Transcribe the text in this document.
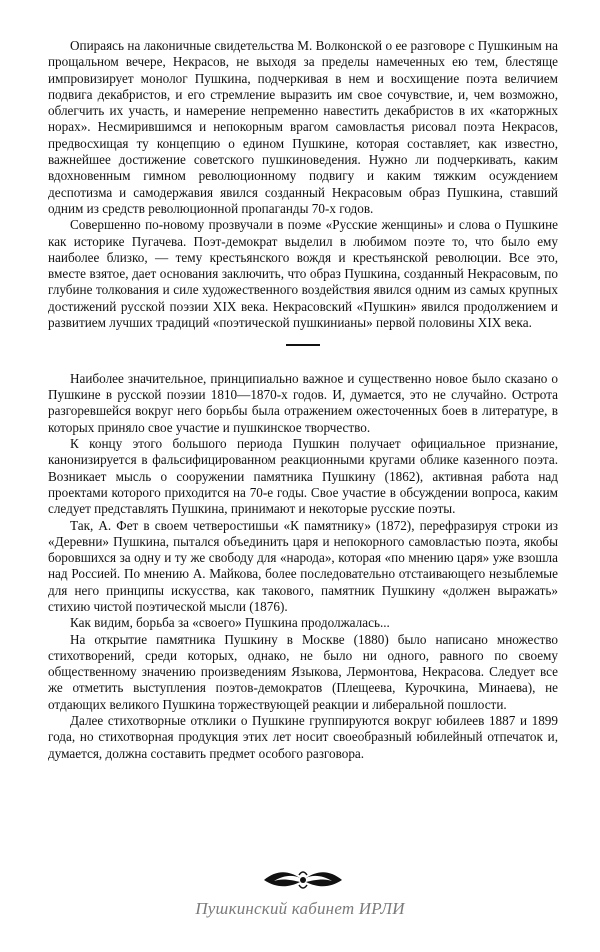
Опираясь на лаконичные свидетельства М. Волконской о ее разговоре с Пушкиным на прощальном вечере, Некрасов, не выходя за пределы намеченных ею тем, блестяще импровизирует монолог Пушкина, подчеркивая в нем и восхищение поэта величием подвига декабристов, и его стремление выразить им свое сочувствие, и, чем возможно, облегчить их участь, и намерение непременно навестить декабристов в их «каторжных норах». Несмирившимся и непокорным врагом самовластья рисовал поэта Некрасов, предвосхищая ту концепцию о едином Пушкине, которая составляет, как известно, важнейшее достижение советского пушкиноведения. Нужно ли подчеркивать, каким вдохновенным гимном революционному подвигу и каким тяжким осуждением деспотизма и самодержавия явился созданный Некрасовым образ Пушкина, ставший одним из средств революционной пропаганды 70-х годов.

Совершенно по-новому прозвучали в поэме «Русские женщины» и слова о Пушкине как историке Пугачева. Поэт-демократ выделил в любимом поэте то, что было ему наиболее близко, — тему крестьянского вождя и крестьянской революции. Все это, вместе взятое, дает основания заключить, что образ Пушкина, созданный Некрасовым, по глубине толкования и силе художественного воздействия явился одним из самых крупных достижений русской поэзии XIX века. Некрасовский «Пушкин» явился продолжением и развитием лучших традиций «поэтической пушкинианы» первой половины XIX века.

Наиболее значительное, принципиально важное и существенно новое было сказано о Пушкине в русской поэзии 1810—1870-х годов. И, думается, это не случайно. Острота разгоревшейся вокруг него борьбы была отражением ожесточенных боев в литературе, в которых приняло свое участие и пушкинское творчество.

К концу этого большого периода Пушкин получает официальное признание, канонизируется в фальсифицированном реакционными кругами облике казенного поэта. Возникает мысль о сооружении памятника Пушкину (1862), активная работа над проектами которого приходится на 70-е годы. Свое участие в обсуждении вопроса, каким следует представлять Пушкина, принимают и некоторые русские поэты.

Так, А. Фет в своем четверостишьи «К памятнику» (1872), перефразируя строки из «Деревни» Пушкина, пытался объединить царя и непокорного самовластью поэта, якобы боровшихся за одну и ту же свободу для «народа», которая «по мнению царя» уже взошла над Россией. По мнению А. Майкова, более последовательно отстаивающего незыблемые для него принципы искусства, как такового, памятник Пушкину «должен выражать» стихию чистой поэтической мысли (1876).

Как видим, борьба за «своего» Пушкина продолжалась...

На открытие памятника Пушкину в Москве (1880) было написано множество стихотворений, среди которых, однако, не было ни одного, равного по своему общественному значению произведениям Языкова, Лермонтова, Некрасова. Следует все же отметить выступления поэтов-демократов (Плещеева, Курочкина, Минаева), не отдающих великого Пушкина торжествующей реакции и либеральной пошлости.

Далее стихотворные отклики о Пушкине группируются вокруг юбилеев 1887 и 1899 года, но стихотворная продукция этих лет носит своеобразный юбилейный отпечаток и, думается, должна составить предмет особого разговора.

Пушкинский кабинет ИРЛИ
